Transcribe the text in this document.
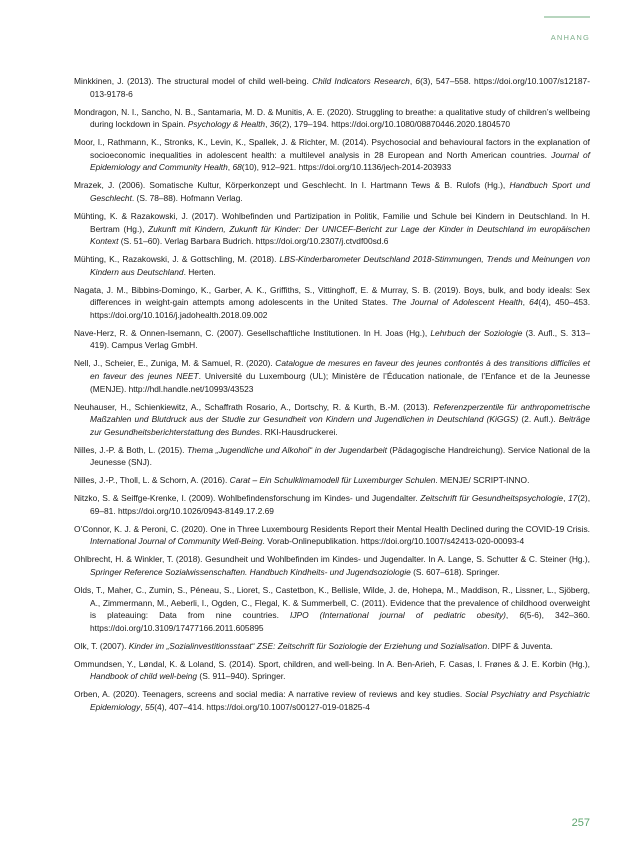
ANHANG
Minkkinen, J. (2013). The structural model of child well-being. Child Indicators Research, 6(3), 547–558. https://doi.org/10.1007/s12187-013-9178-6
Mondragon, N. I., Sancho, N. B., Santamaria, M. D. & Munitis, A. E. (2020). Struggling to breathe: a qualitative study of children’s wellbeing during lockdown in Spain. Psychology & Health, 36(2), 179–194. https://doi.org/10.1080/08870446.2020.1804570
Moor, I., Rathmann, K., Stronks, K., Levin, K., Spallek, J. & Richter, M. (2014). Psychosocial and behavioural factors in the explanation of socioeconomic inequalities in adolescent health: a multilevel analysis in 28 European and North American countries. Journal of Epidemiology and Community Health, 68(10), 912–921. https://doi.org/10.1136/jech-2014-203933
Mrazek, J. (2006). Somatische Kultur, Körperkonzept und Geschlecht. In I. Hartmann Tews & B. Rulofs (Hg.), Handbuch Sport und Geschlecht. (S. 78–88). Hofmann Verlag.
Mühting, K. & Razakowski, J. (2017). Wohlbefinden und Partizipation in Politik, Familie und Schule bei Kindern in Deutschland. In H. Bertram (Hg.), Zukunft mit Kindern, Zukunft für Kinder: Der UNICEF-Bericht zur Lage der Kinder in Deutschland im europäischen Kontext (S. 51–60). Verlag Barbara Budrich. https://doi.org/10.2307/j.ctvdf00sd.6
Mühting, K., Razakowski, J. & Gottschling, M. (2018). LBS-Kinderbarometer Deutschland 2018-Stimmungen, Trends und Meinungen von Kindern aus Deutschland. Herten.
Nagata, J. M., Bibbins-Domingo, K., Garber, A. K., Griffiths, S., Vittinghoff, E. & Murray, S. B. (2019). Boys, bulk, and body ideals: Sex differences in weight-gain attempts among adolescents in the United States. The Journal of Adolescent Health, 64(4), 450–453. https://doi.org/10.1016/j.jadohealth.2018.09.002
Nave-Herz, R. & Onnen-Isemann, C. (2007). Gesellschaftliche Institutionen. In H. Joas (Hg.), Lehrbuch der Soziologie (3. Aufl., S. 313–419). Campus Verlag GmbH.
Nell, J., Scheier, E., Zuniga, M. & Samuel, R. (2020). Catalogue de mesures en faveur des jeunes confrontés à des transitions difficiles et en faveur des jeunes NEET. Université du Luxembourg (UL); Ministère de l’Éducation nationale, de l’Enfance et de la Jeunesse (MENJE). http://hdl.handle.net/10993/43523
Neuhauser, H., Schienkiewitz, A., Schaffrath Rosario, A., Dortschy, R. & Kurth, B.-M. (2013). Referenzperzentile für anthropometrische Maßzahlen und Blutdruck aus der Studie zur Gesundheit von Kindern und Jugendlichen in Deutschland (KiGGS) (2. Aufl.). Beiträge zur Gesundheitsberichterstattung des Bundes. RKI-Hausdruckerei.
Nilles, J.-P. & Both, L. (2015). Thema „Jugendliche und Alkohol“ in der Jugendarbeit (Pädagogische Handreichung). Service National de la Jeunesse (SNJ).
Nilles, J.-P., Tholl, L. & Schorn, A. (2016). Carat – Ein Schulklimamodell für Luxemburger Schulen. MENJE/ SCRIPT-INNO.
Nitzko, S. & Seiffge-Krenke, I. (2009). Wohlbefindensforschung im Kindes- und Jugendalter. Zeitschrift für Gesundheitspsychologie, 17(2), 69–81. https://doi.org/10.1026/0943-8149.17.2.69
O’Connor, K. J. & Peroni, C. (2020). One in Three Luxembourg Residents Report their Mental Health Declined during the COVID-19 Crisis. International Journal of Community Well-Being. Vorab-Onlinepublikation. https://doi.org/10.1007/s42413-020-00093-4
Ohlbrecht, H. & Winkler, T. (2018). Gesundheit und Wohlbefinden im Kindes- und Jugendalter. In A. Lange, S. Schutter & C. Steiner (Hg.), Springer Reference Sozialwissenschaften. Handbuch Kindheits- und Jugendsoziologie (S. 607–618). Springer.
Olds, T., Maher, C., Zumin, S., Péneau, S., Lioret, S., Castetbon, K., Bellisle, Wilde, J. de, Hohepa, M., Maddison, R., Lissner, L., Sjöberg, A., Zimmermann, M., Aeberli, I., Ogden, C., Flegal, K. & Summerbell, C. (2011). Evidence that the prevalence of childhood overweight is plateauing: Data from nine countries. IJPO (International journal of pediatric obesity), 6(5-6), 342–360. https://doi.org/10.3109/17477166.2011.605895
Olk, T. (2007). Kinder im „Sozialinvestitionsstaat“ ZSE: Zeitschrift für Soziologie der Erziehung und Sozialisation. DIPF & Juventa.
Ommundsen, Y., Løndal, K. & Loland, S. (2014). Sport, children, and well-being. In A. Ben-Arieh, F. Casas, I. Frønes & J. E. Korbin (Hg.), Handbook of child well-being (S. 911–940). Springer.
Orben, A. (2020). Teenagers, screens and social media: A narrative review of reviews and key studies. Social Psychiatry and Psychiatric Epidemiology, 55(4), 407–414. https://doi.org/10.1007/s00127-019-01825-4
257
